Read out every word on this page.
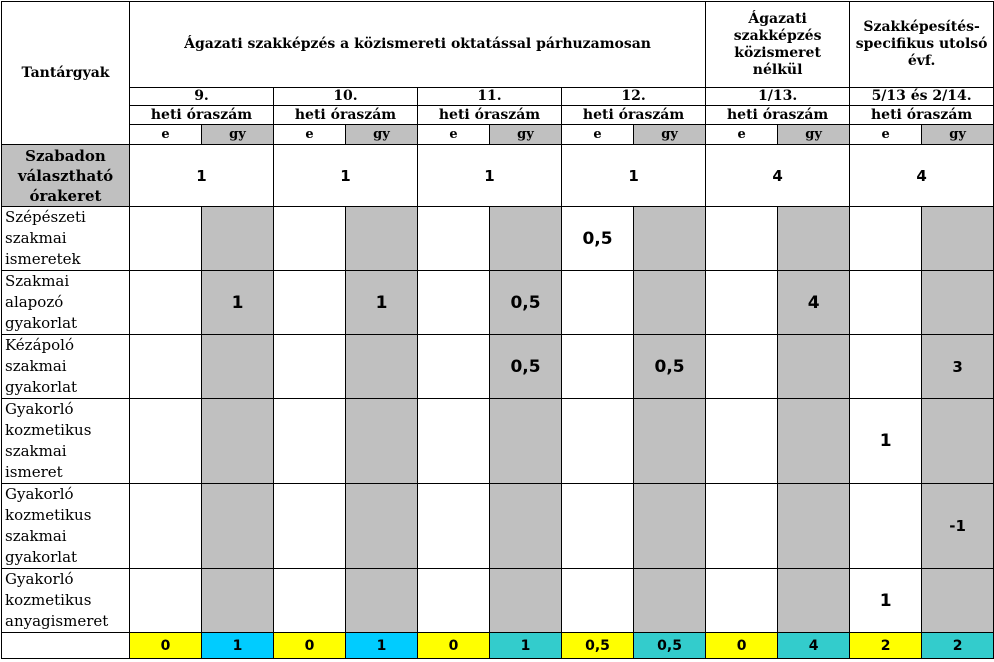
Tantárgyak	Ágazati szakképzés a közismereti oktatással párhuzamosan								Ágazati szakképzés közismeret nélkül		Szakképesítés-specifikus utolsó évf.	
	9.		10.		11.		12.		1/13.		5/13 és 2/14.	
	heti óraszám		heti óraszám		heti óraszám		heti óraszám		heti óraszám		heti óraszám	
	e	gy	e	gy	e	gy	e	gy	e	gy	e	gy
Szabadon választható órakeret	1		1		1		1		4		4	
Szépészeti szakmai ismeretek							0,5					
Szakmai alapozó gyakorlat		1		1		0,5				4		
Kézápoló szakmai gyakorlat						0,5		0,5				3
Gyakorló kozmetikus szakmai ismeret											1	
Gyakorló kozmetikus szakmai gyakorlat												-1
Gyakorló kozmetikus anyagismeret											1	
	0	1	0	1	0	1	0,5	0,5	0	4	2	2
